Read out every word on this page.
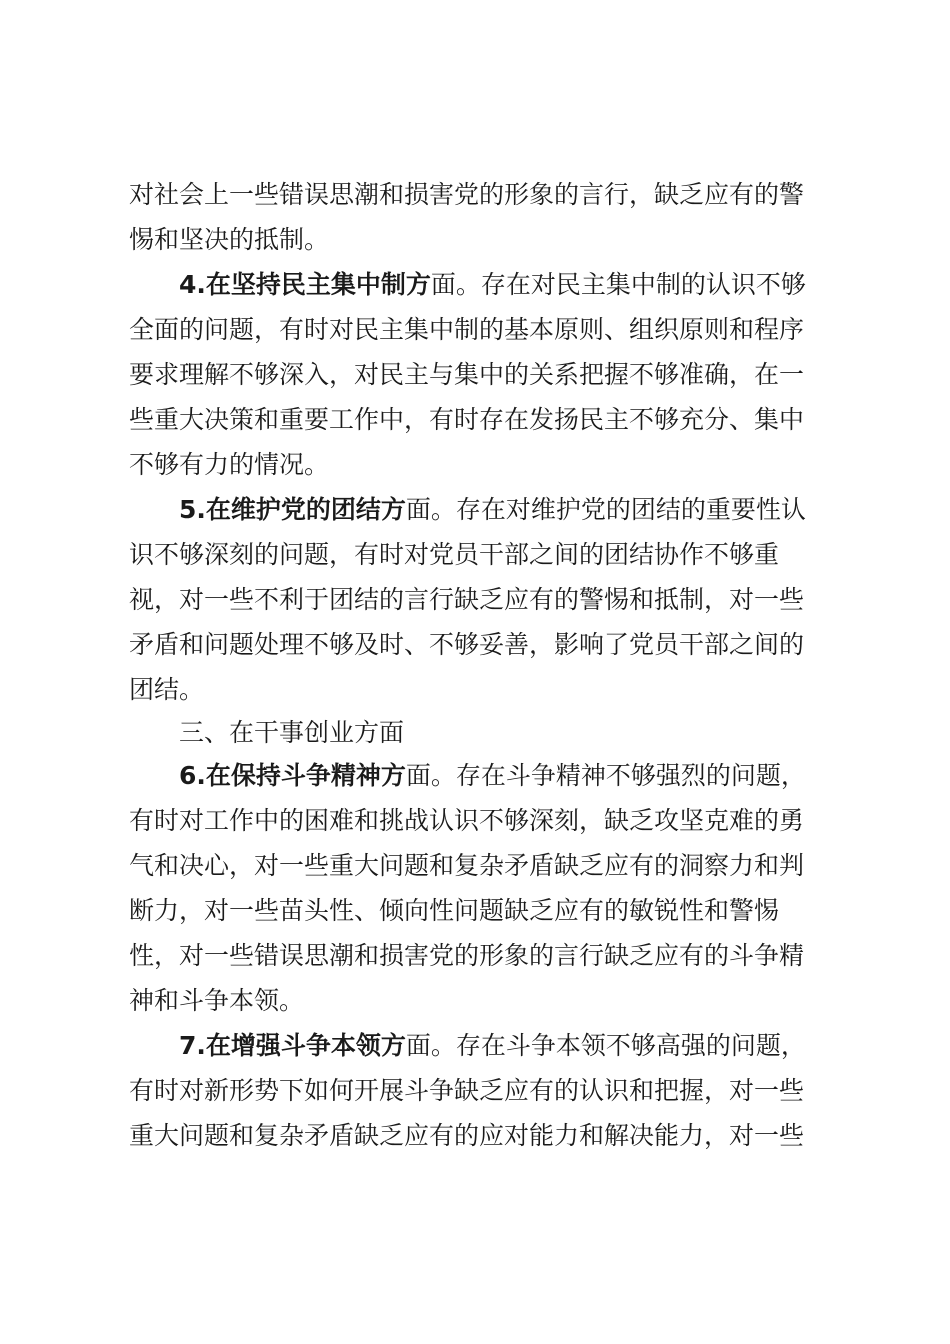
对社会上一些错误思潮和损害党的形象的言行，缺乏应有的警
惕和坚决的抵制。
4.在坚持民主集中制方面。存在对民主集中制的认识不够
全面的问题，有时对民主集中制的基本原则、组织原则和程序
要求理解不够深入，对民主与集中的关系把握不够准确，在一
些重大决策和重要工作中，有时存在发扬民主不够充分、集中
不够有力的情况。
5.在维护党的团结方面。存在对维护党的团结的重要性认
识不够深刻的问题，有时对党员干部之间的团结协作不够重
视，对一些不利于团结的言行缺乏应有的警惕和抵制，对一些
矛盾和问题处理不够及时、不够妥善，影响了党员干部之间的
团结。
三、在干事创业方面
6.在保持斗争精神方面。存在斗争精神不够强烈的问题，
有时对工作中的困难和挑战认识不够深刻，缺乏攻坚克难的勇
气和决心，对一些重大问题和复杂矛盾缺乏应有的洞察力和判
断力，对一些苗头性、倾向性问题缺乏应有的敏锐性和警惕
性，对一些错误思潮和损害党的形象的言行缺乏应有的斗争精
神和斗争本领。
7.在增强斗争本领方面。存在斗争本领不够高强的问题，
有时对新形势下如何开展斗争缺乏应有的认识和把握，对一些
重大问题和复杂矛盾缺乏应有的应对能力和解决能力，对一些
